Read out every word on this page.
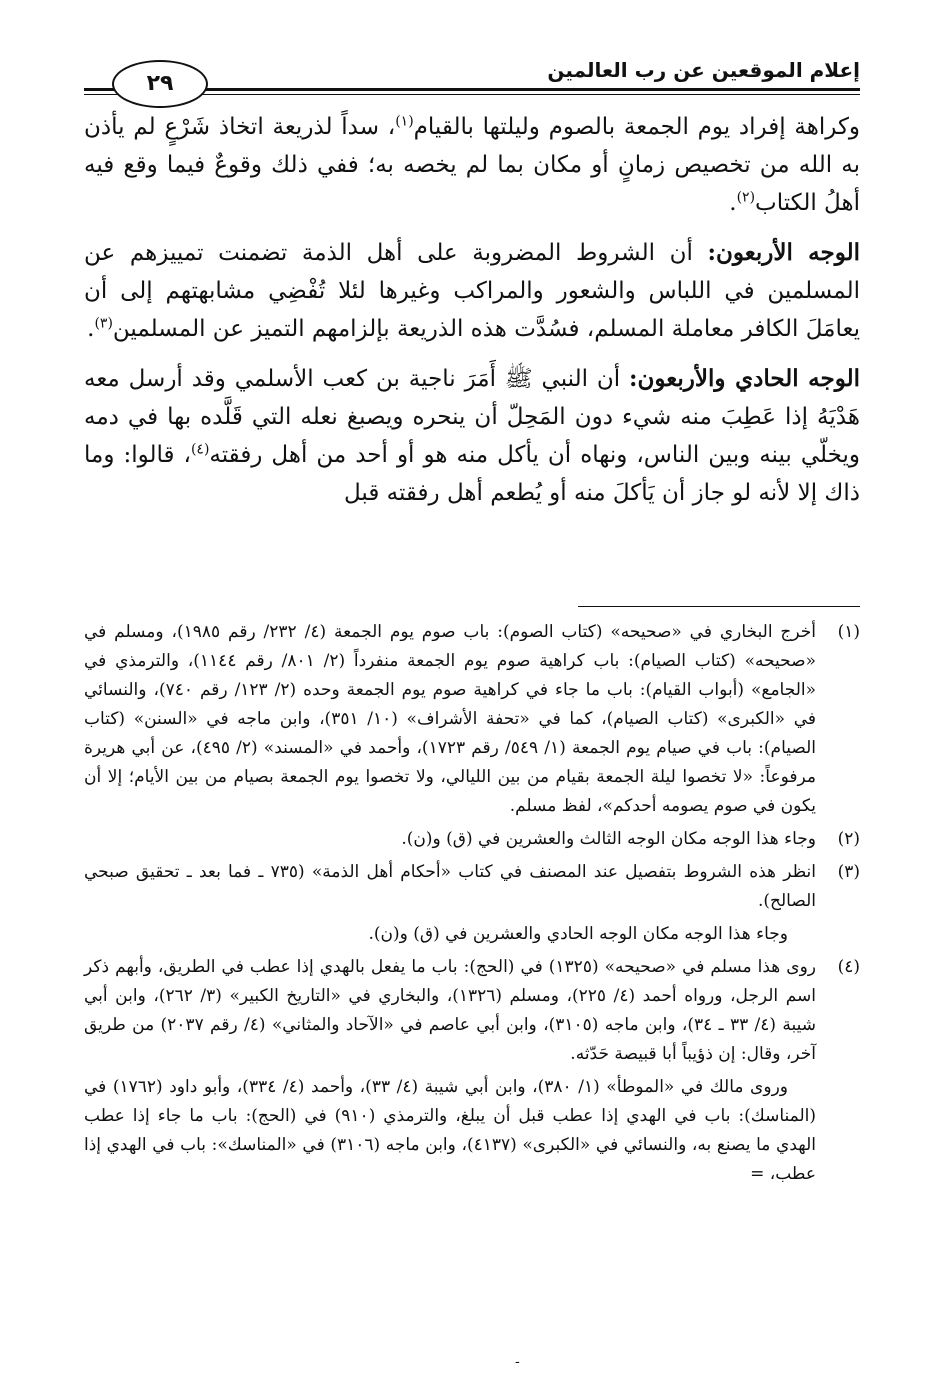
إعلام الموقعين عن رب العالمين
٢٩

وكراهة إفراد يوم الجمعة بالصوم وليلتها بالقيام$^{(١)}$، سداً لذريعة اتخاذ شَرْعٍ لم يأذن به الله من تخصيص زمانٍ أو مكان بما لم يخصه به؛ ففي ذلك وقوعٌ فيما وقع فيه أهلُ الكتاب$^{(٢)}$.

الوجه الأربعون: أن الشروط المضروبة على أهل الذمة تضمنت تمييزهم عن المسلمين في اللباس والشعور والمراكب وغيرها لئلا تُفْضِي مشابهتهم إلى أن يعامَلَ الكافر معاملة المسلم، فسُدَّت هذه الذريعة بإلزامهم التميز عن المسلمين$^{(٣)}$.

الوجه الحادي والأربعون: أن النبي ﷺ أَمَرَ ناجية بن كعب الأسلمي وقد أرسل معه هَدْيَهُ إذا عَطِبَ منه شيء دون المَحِلّ أن ينحره ويصبغ نعله التي قَلَّده بها في دمه ويخلّي بينه وبين الناس، ونهاه أن يأكل منه هو أو أحد من أهل رفقته$^{(٤)}$، قالوا: وما ذاك إلا لأنه لو جاز أن يَأكلَ منه أو يُطعم أهل رفقته قبل

(١)

أخرج البخاري في «صحيحه» (كتاب الصوم): باب صوم يوم الجمعة (٤/ ٢٣٢/ رقم ١٩٨٥)، ومسلم في «صحيحه» (كتاب الصيام): باب كراهية صوم يوم الجمعة منفرداً (٢/ ٨٠١/ رقم ١١٤٤)، والترمذي في «الجامع» (أبواب القيام): باب ما جاء في كراهية صوم يوم الجمعة وحده (٢/ ١٢٣/ رقم ٧٤٠)، والنسائي في «الكبرى» (كتاب الصيام)، كما في «تحفة الأشراف» (١٠/ ٣٥١)، وابن ماجه في «السنن» (كتاب الصيام): باب في صيام يوم الجمعة (١/ ٥٤٩/ رقم ١٧٢٣)، وأحمد في «المسند» (٢/ ٤٩٥)، عن أبي هريرة مرفوعاً: «لا تخصوا ليلة الجمعة بقيام من بين الليالي، ولا تخصوا يوم الجمعة بصيام من بين الأيام؛ إلا أن يكون في صوم يصومه أحدكم»، لفظ مسلم.

(٢)

وجاء هذا الوجه مكان الوجه الثالث والعشرين في (ق) و(ن).

(٣)

انظر هذه الشروط بتفصيل عند المصنف في كتاب «أحكام أهل الذمة» (٧٣٥ ـ فما بعد ـ تحقيق صبحي الصالح).

وجاء هذا الوجه مكان الوجه الحادي والعشرين في (ق) و(ن).

(٤)

روى هذا مسلم في «صحيحه» (١٣٢٥) في (الحج): باب ما يفعل بالهدي إذا عطب في الطريق، وأبهم ذكر اسم الرجل، ورواه أحمد (٤/ ٢٢٥)، ومسلم (١٣٢٦)، والبخاري في «التاريخ الكبير» (٣/ ٢٦٢)، وابن أبي شيبة (٤/ ٣٣ ـ ٣٤)، وابن ماجه (٣١٠٥)، وابن أبي عاصم في «الآحاد والمثاني» (٤/ رقم ٢٠٣٧) من طريق آخر، وقال: إن ذؤيباً أبا قبيصة حَدّثه.

وروى مالك في «الموطأ» (١/ ٣٨٠)، وابن أبي شيبة (٤/ ٣٣)، وأحمد (٤/ ٣٣٤)، وأبو داود (١٧٦٢) في (المناسك): باب في الهدي إذا عطب قبل أن يبلغ، والترمذي (٩١٠) في (الحج): باب ما جاء إذا عطب الهدي ما يصنع به، والنسائي في «الكبرى» (٤١٣٧)، وابن ماجه (٣١٠٦) في «المناسك»: باب في الهدي إذا عطب، =

-
